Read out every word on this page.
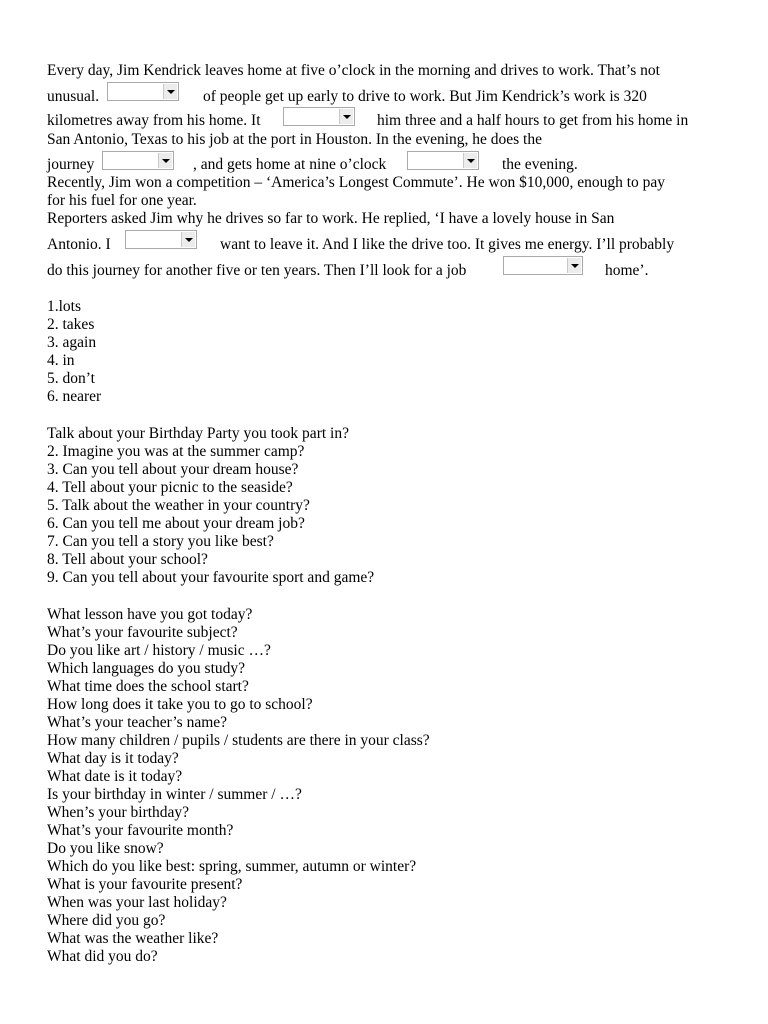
Every day, Jim Kendrick leaves home at five o’clock in the morning and drives to work. That’s not
unusual.	of people get up early to drive to work. But Jim Kendrick’s work is 320
kilometres away from his home. It	him three and a half hours to get from his home in
San Antonio, Texas to his job at the port in Houston. In the evening, he does the
journey	, and gets home at nine o’clock	the evening.
Recently, Jim won a competition – ‘America’s Longest Commute’. He won $10,000, enough to pay
for his fuel for one year.
Reporters asked Jim why he drives so far to work. He replied, ‘I have a lovely house in San
Antonio. I	want to leave it. And I like the drive too. It gives me energy. I’ll probably
do this journey for another five or ten years. Then I’ll look for a job	home’.
1.lots
2. takes
3. again
4. in
5. don’t
6. nearer
Talk about your Birthday Party you took part in?
2. Imagine you was at the summer camp?
3. Can you tell about your dream house?
4. Tell about your picnic to the seaside?
5. Talk about the weather in your country?
6. Can you tell me about your dream job?
7. Can you tell a story you like best?
8. Tell about your school?
9. Can you tell about your favourite sport and game?
What lesson have you got today?
What’s your favourite subject?
Do you like art / history / music …?
Which languages do you study?
What time does the school start?
How long does it take you to go to school?
What’s your teacher’s name?
How many children / pupils / students are there in your class?
What day is it today?
What date is it today?
Is your birthday in winter / summer / …?
When’s your birthday?
What’s your favourite month?
Do you like snow?
Which do you like best: spring, summer, autumn or winter?
What is your favourite present?
When was your last holiday?
Where did you go?
What was the weather like?
What did you do?
